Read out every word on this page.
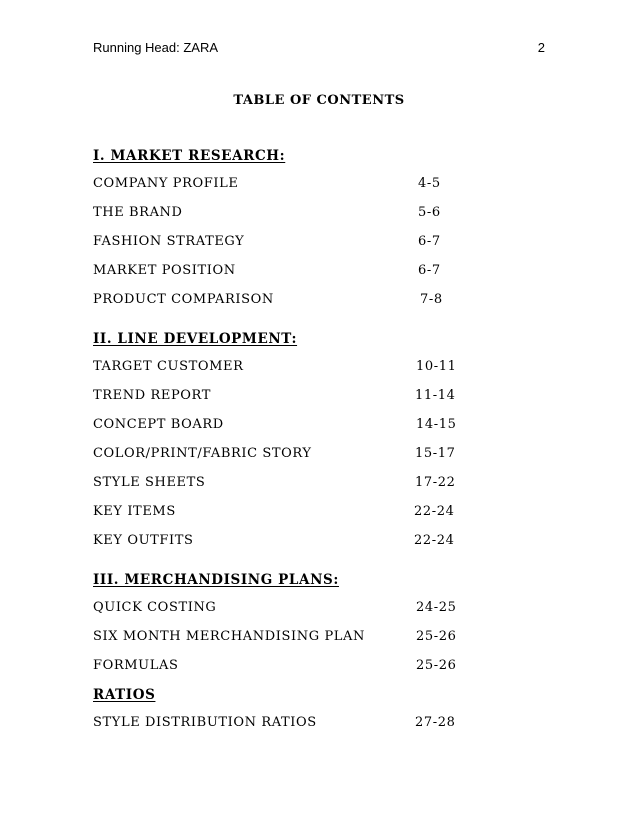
Running Head: ZARA	2
TABLE OF CONTENTS
I. MARKET RESEARCH:
COMPANY PROFILE	4-5
THE BRAND	5-6
FASHION STRATEGY	6-7
MARKET POSITION	6-7
PRODUCT COMPARISON	7-8
II. LINE DEVELOPMENT:
TARGET CUSTOMER	10-11
TREND REPORT	11-14
CONCEPT BOARD	14-15
COLOR/PRINT/FABRIC STORY	15-17
STYLE SHEETS	17-22
KEY ITEMS	22-24
KEY OUTFITS	22-24
III. MERCHANDISING PLANS:
QUICK COSTING	24-25
SIX MONTH MERCHANDISING PLAN	25-26
FORMULAS	25-26
RATIOS
STYLE DISTRIBUTION RATIOS	27-28
